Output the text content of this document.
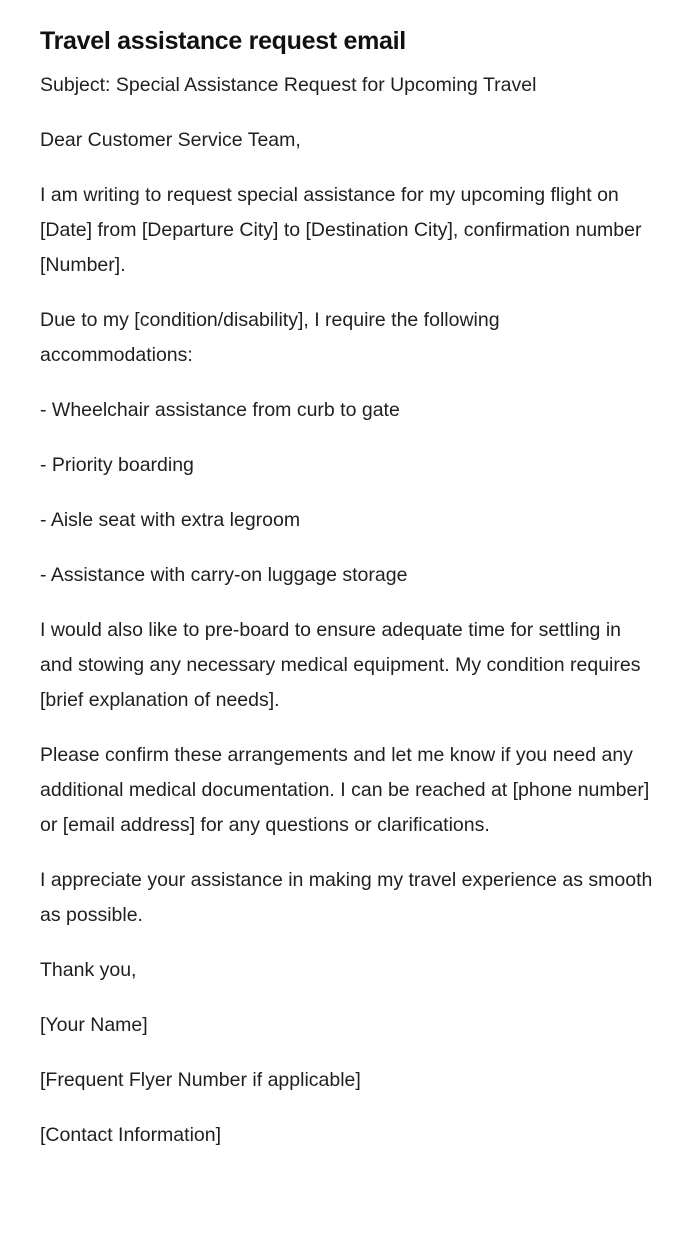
Travel assistance request email

Subject: Special Assistance Request for Upcoming Travel

Dear Customer Service Team,

I am writing to request special assistance for my upcoming flight on [Date] from [Departure City] to [Destination City], confirmation number [Number].

Due to my [condition/disability], I require the following accommodations:

- Wheelchair assistance from curb to gate

- Priority boarding

- Aisle seat with extra legroom

- Assistance with carry-on luggage storage

I would also like to pre-board to ensure adequate time for settling in and stowing any necessary medical equipment. My condition requires [brief explanation of needs].

Please confirm these arrangements and let me know if you need any additional medical documentation. I can be reached at [phone number] or [email address] for any questions or clarifications.

I appreciate your assistance in making my travel experience as smooth as possible.

Thank you,

[Your Name]

[Frequent Flyer Number if applicable]

[Contact Information]
